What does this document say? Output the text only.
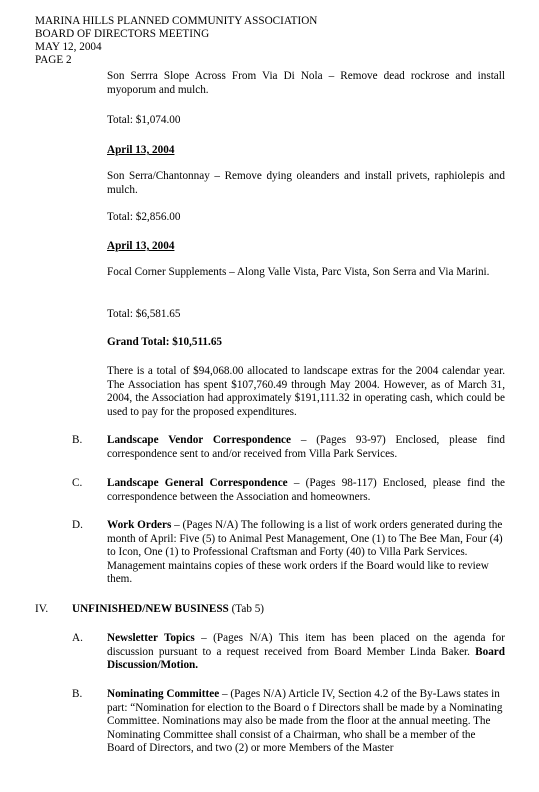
MARINA HILLS PLANNED COMMUNITY ASSOCIATION
BOARD OF DIRECTORS MEETING
MAY 12, 2004
PAGE 2
Son Serrra Slope Across From Via Di Nola – Remove dead rockrose and install myoporum and mulch.
Total: $1,074.00
April 13, 2004
Son Serra/Chantonnay – Remove dying oleanders and install privets, raphiolepis and mulch.
Total: $2,856.00
April 13, 2004
Focal Corner Supplements – Along Valle Vista, Parc Vista, Son Serra and Via Marini.
Total: $6,581.65
Grand Total: $10,511.65
There is a total of $94,068.00 allocated to landscape extras for the 2004 calendar year. The Association has spent $107,760.49 through May 2004. However, as of March 31, 2004, the Association had approximately $191,111.32 in operating cash, which could be used to pay for the proposed expenditures.
B. Landscape Vendor Correspondence – (Pages 93-97) Enclosed, please find correspondence sent to and/or received from Villa Park Services.
C. Landscape General Correspondence – (Pages 98-117) Enclosed, please find the correspondence between the Association and homeowners.
D. Work Orders – (Pages N/A) The following is a list of work orders generated during the month of April: Five (5) to Animal Pest Management, One (1) to The Bee Man, Four (4) to Icon, One (1) to Professional Craftsman and Forty (40) to Villa Park Services. Management maintains copies of these work orders if the Board would like to review them.
IV. UNFINISHED/NEW BUSINESS (Tab 5)
A. Newsletter Topics – (Pages N/A) This item has been placed on the agenda for discussion pursuant to a request received from Board Member Linda Baker. Board Discussion/Motion.
B. Nominating Committee – (Pages N/A) Article IV, Section 4.2 of the By-Laws states in part: “Nomination for election to the Board o f Directors shall be made by a Nominating Committee. Nominations may also be made from the floor at the annual meeting. The Nominating Committee shall consist of a Chairman, who shall be a member of the Board of Directors, and two (2) or more Members of the Master
